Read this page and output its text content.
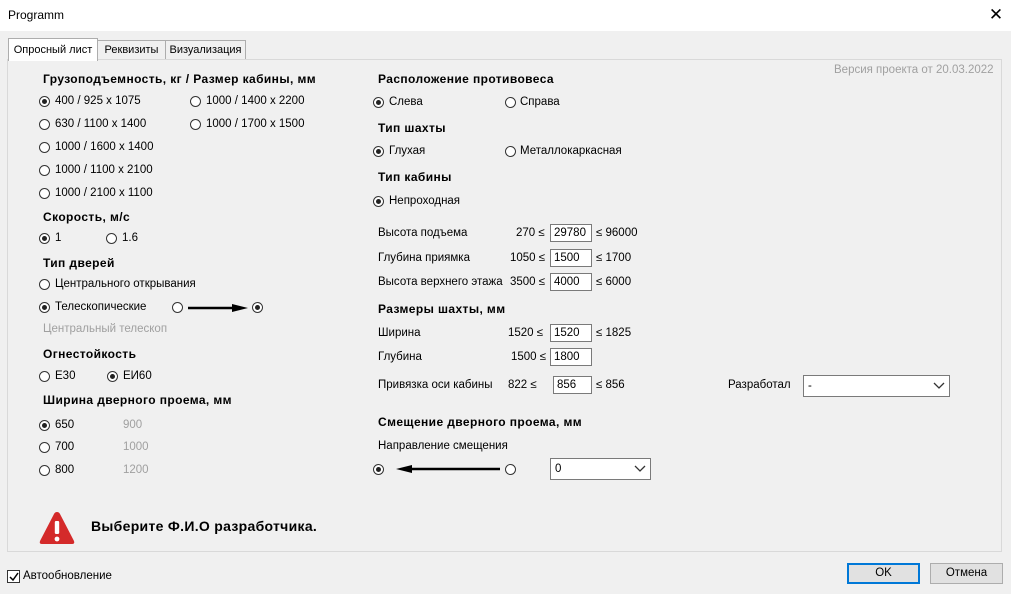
Programm	✕
Опросный лист	Реквизиты	Визуализация
Версия проекта от 20.03.2022
Грузоподъемность, кг / Размер кабины, мм
400 / 925 x 1075
630 / 1100 x 1400
1000 / 1600 x 1400
1000 / 1100 x 2100
1000 / 2100 x 1100
1000 / 1400 x 2200
1000 / 1700 x 1500
Скорость, м/с
1	1.6
Тип дверей
Центрального открывания
Телескопические
Центральный телескоп
Огнестойкость
E30	EИ60
Ширина дверного проема, мм
650
700
800
900
1000
1200
Расположение противовеса
Слева	Справа
Тип шахты
Глухая	Металлокаркасная
Тип кабины
Непроходная
Высота подъема	270 ≤ 29780 ≤ 96000
Глубина приямка	1050 ≤ 1500	≤ 1700
Высота верхнего этажа 3500 ≤ 4000	≤ 6000
Размеры шахты, мм
Ширина	1520 ≤ 1520	≤ 1825
Глубина	1500 ≤ 1800
Привязка оси кабины 822 ≤	856	≤ 856	Разработал	-
Смещение дверного проема, мм
Направление смещения
0
Выберите Ф.И.О разработчика.
Автообновление	OK	Отмена
